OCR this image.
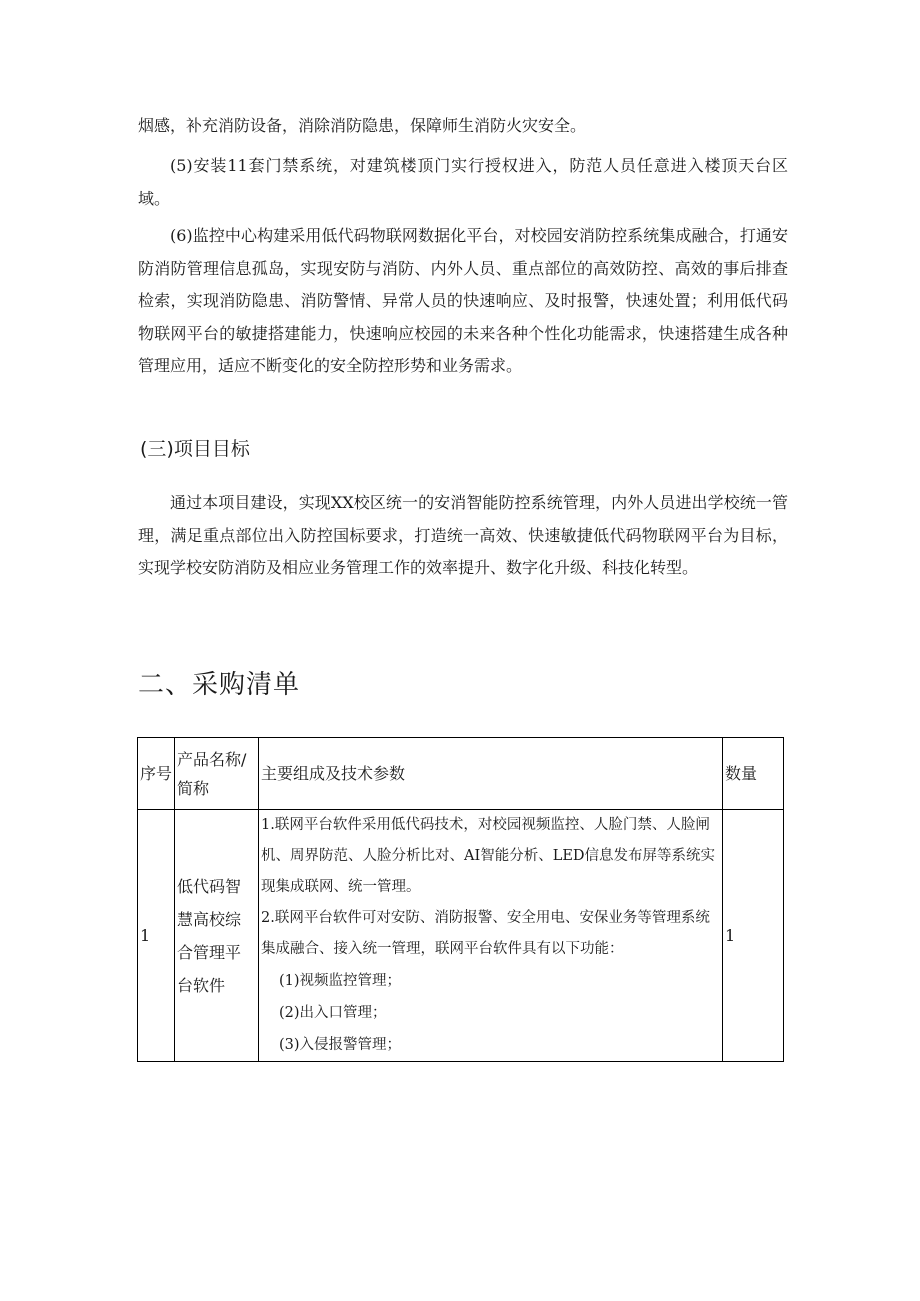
烟感，补充消防设备，消除消防隐患，保障师生消防火灾安全。

(5)安装11套门禁系统，对建筑楼顶门实行授权进入，防范人员任意进入楼顶天台区域。

(6)监控中心构建采用低代码物联网数据化平台，对校园安消防控系统集成融合，打通安防消防管理信息孤岛，实现安防与消防、内外人员、重点部位的高效防控、高效的事后排查检索，实现消防隐患、消防警情、异常人员的快速响应、及时报警，快速处置；利用低代码物联网平台的敏捷搭建能力，快速响应校园的未来各种个性化功能需求，快速搭建生成各种管理应用，适应不断变化的安全防控形势和业务需求。

(三)项目目标

通过本项目建设，实现XX校区统一的安消智能防控系统管理，内外人员进出学校统一管理，满足重点部位出入防控国标要求，打造统一高效、快速敏捷低代码物联网平台为目标，实现学校安防消防及相应业务管理工作的效率提升、数字化升级、科技化转型。

二、采购清单
序号	产品名称/简称	主要组成及技术参数	数量
1	低代码智慧高校综合管理平台软件	1.联网平台软件采用低代码技术，对校园视频监控、人脸门禁、人脸闸机、周界防范、人脸分析比对、AI智能分析、LED信息发布屏等系统实现集成联网、统一管理。

2.联网平台软件可对安防、消防报警、安全用电、安保业务等管理系统集成融合、接入统一管理，联网平台软件具有以下功能：

(1)视频监控管理；

(2)出入口管理；

(3)入侵报警管理；	1
